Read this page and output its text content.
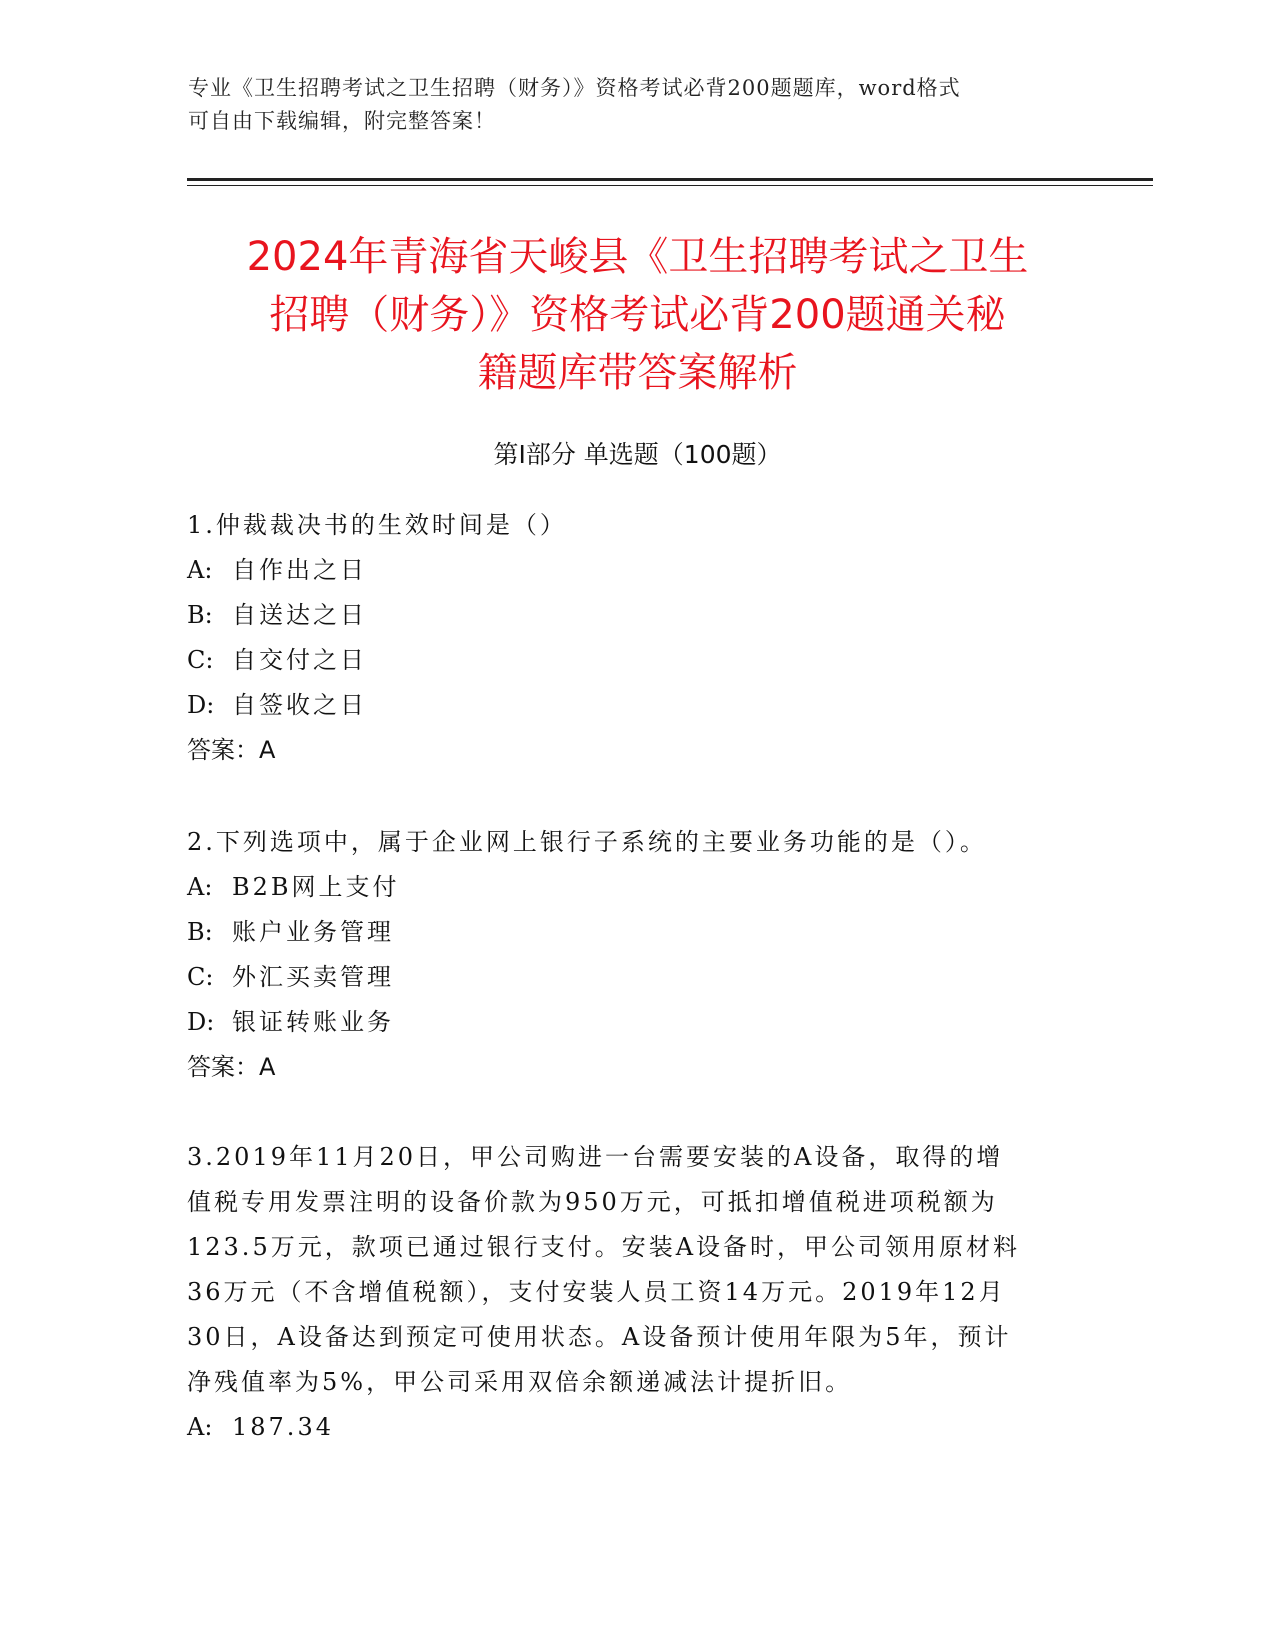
专业《卫生招聘考试之卫生招聘（财务）》资格考试必背200题题库，word格式
可自由下载编辑，附完整答案！
2024年青海省天峻县《卫生招聘考试之卫生
招聘（财务）》资格考试必背200题通关秘
籍题库带答案解析
第Ⅰ部分 单选题（100题）

1.仲裁裁决书的生效时间是（）

A: 自作出之日

B: 自送达之日

C: 自交付之日

D: 自签收之日

答案：A

2.下列选项中，属于企业网上银行子系统的主要业务功能的是（）。

A: B2B网上支付

B: 账户业务管理

C: 外汇买卖管理

D: 银证转账业务

答案：A

3.2019年11月20日，甲公司购进一台需要安装的A设备，取得的增
值税专用发票注明的设备价款为950万元，可抵扣增值税进项税额为
123.5万元，款项已通过银行支付。安装A设备时，甲公司领用原材料
36万元（不含增值税额），支付安装人员工资14万元。2019年12月
30日，A设备达到预定可使用状态。A设备预计使用年限为5年，预计
净残值率为5%，甲公司采用双倍余额递减法计提折旧。

A: 187.34
